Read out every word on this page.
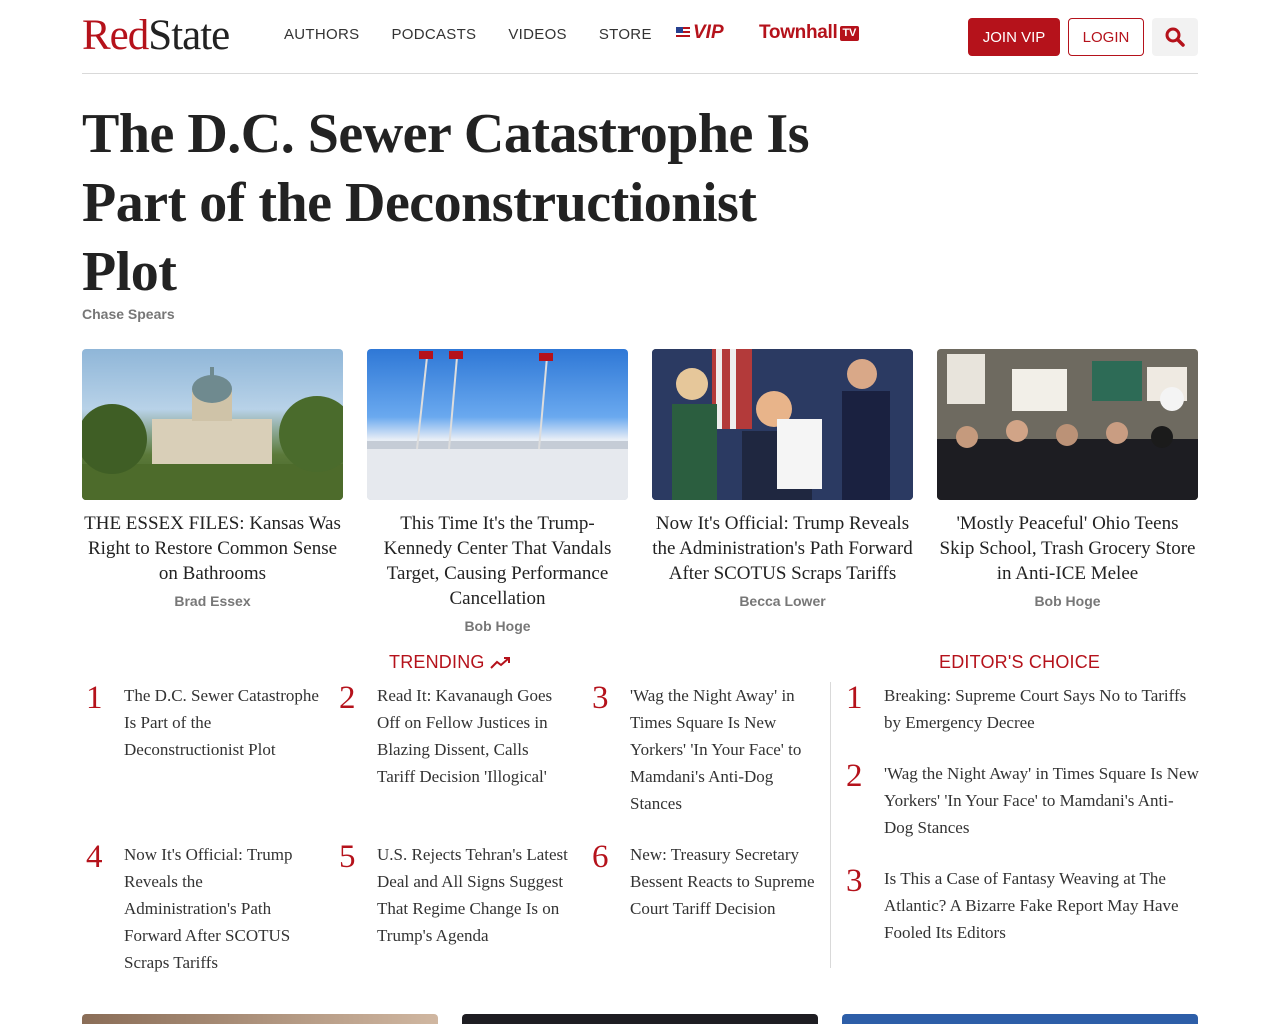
RedState	AUTHORS PODCASTS VIDEOS STORE VIP Townhall TV	JOIN VIP	LOGIN
The D.C. Sewer Catastrophe Is Part of the Deconstructionist Plot
Chase Spears
THE ESSEX FILES: Kansas Was Right to Restore Common Sense on Bathrooms
Brad Essex
This Time It's the Trump-Kennedy Center That Vandals Target, Causing Performance Cancellation
Bob Hoge
Now It's Official: Trump Reveals the Administration's Path Forward After SCOTUS Scraps Tariffs
Becca Lower
'Mostly Peaceful' Ohio Teens Skip School, Trash Grocery Store in Anti-ICE Melee
Bob Hoge
TRENDING
1 The D.C. Sewer Catastrophe Is Part of the Deconstructionist Plot
2 Read It: Kavanaugh Goes Off on Fellow Justices in Blazing Dissent, Calls Tariff Decision 'Illogical'
3 'Wag the Night Away' in Times Square Is New Yorkers' 'In Your Face' to Mamdani's Anti-Dog Stances
4 Now It's Official: Trump Reveals the Administration's Path Forward After SCOTUS Scraps Tariffs
5 U.S. Rejects Tehran's Latest Deal and All Signs Suggest That Regime Change Is on Trump's Agenda
6 New: Treasury Secretary Bessent Reacts to Supreme Court Tariff Decision
EDITOR'S CHOICE
1 Breaking: Supreme Court Says No to Tariffs by Emergency Decree
2 'Wag the Night Away' in Times Square Is New Yorkers' 'In Your Face' to Mamdani's Anti-Dog Stances
3 Is This a Case of Fantasy Weaving at The Atlantic? A Bizarre Fake Report May Have Fooled Its Editors
